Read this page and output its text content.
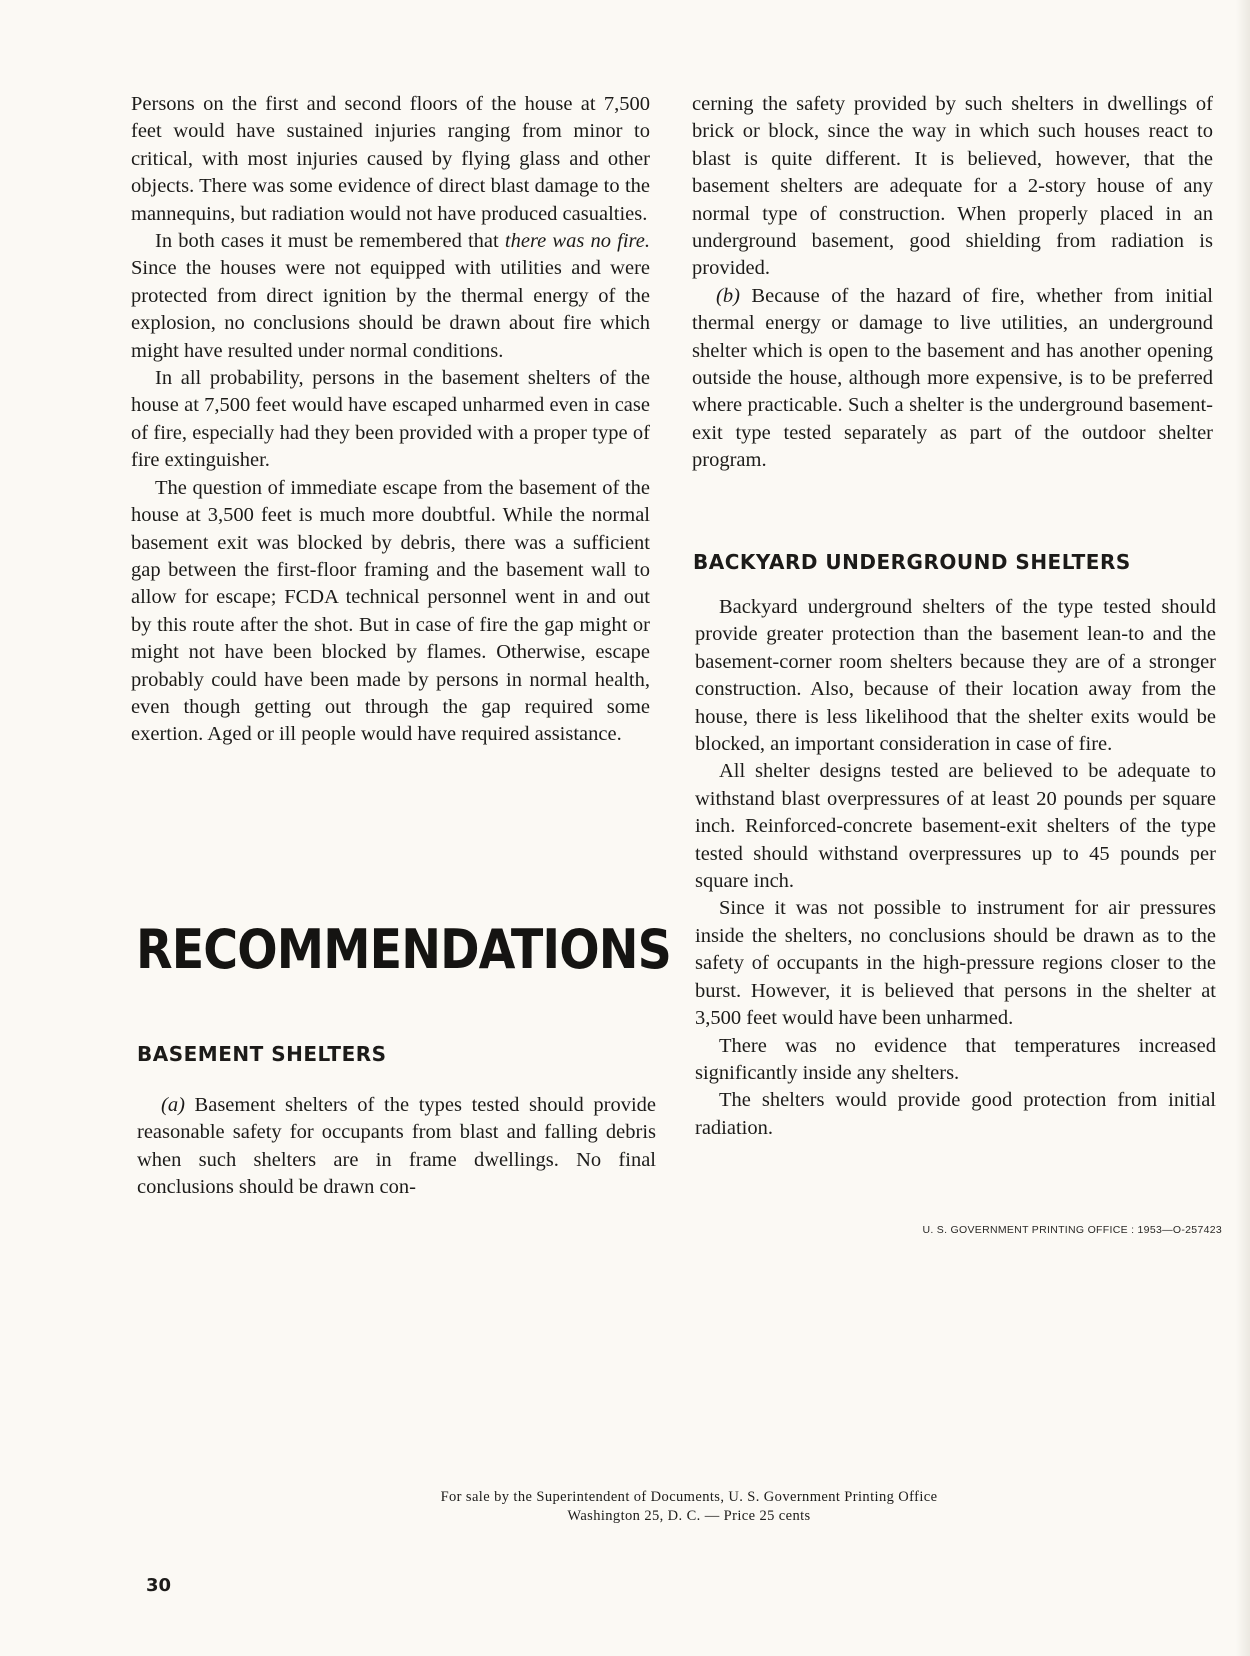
Persons on the first and second floors of the house at 7,500 feet would have sustained injuries ranging from minor to critical, with most injuries caused by flying glass and other objects. There was some evidence of direct blast damage to the mannequins, but radiation would not have produced casualties.

In both cases it must be remembered that there was no fire. Since the houses were not equipped with utilities and were protected from direct ignition by the thermal energy of the explosion, no conclusions should be drawn about fire which might have resulted under normal conditions.

In all probability, persons in the basement shelters of the house at 7,500 feet would have escaped unharmed even in case of fire, especially had they been provided with a proper type of fire extinguisher.

The question of immediate escape from the basement of the house at 3,500 feet is much more doubtful. While the normal basement exit was blocked by debris, there was a sufficient gap between the first-floor framing and the basement wall to allow for escape; FCDA technical personnel went in and out by this route after the shot. But in case of fire the gap might or might not have been blocked by flames. Otherwise, escape probably could have been made by persons in normal health, even though getting out through the gap required some exertion. Aged or ill people would have required assistance.

RECOMMENDATIONS
BASEMENT SHELTERS

(a) Basement shelters of the types tested should provide reasonable safety for occupants from blast and falling debris when such shelters are in frame dwellings. No final conclusions should be drawn con-

cerning the safety provided by such shelters in dwellings of brick or block, since the way in which such houses react to blast is quite different. It is believed, however, that the basement shelters are adequate for a 2-story house of any normal type of construction. When properly placed in an underground basement, good shielding from radiation is provided.

(b) Because of the hazard of fire, whether from initial thermal energy or damage to live utilities, an underground shelter which is open to the basement and has another opening outside the house, although more expensive, is to be preferred where practicable. Such a shelter is the underground basement-exit type tested separately as part of the outdoor shelter program.

BACKYARD UNDERGROUND SHELTERS

Backyard underground shelters of the type tested should provide greater protection than the basement lean-to and the basement-corner room shelters because they are of a stronger construction. Also, because of their location away from the house, there is less likelihood that the shelter exits would be blocked, an important consideration in case of fire.

All shelter designs tested are believed to be adequate to withstand blast overpressures of at least 20 pounds per square inch. Reinforced-concrete basement-exit shelters of the type tested should withstand overpressures up to 45 pounds per square inch.

Since it was not possible to instrument for air pressures inside the shelters, no conclusions should be drawn as to the safety of occupants in the high-pressure regions closer to the burst. However, it is believed that persons in the shelter at 3,500 feet would have been unharmed.

There was no evidence that temperatures increased significantly inside any shelters.

The shelters would provide good protection from initial radiation.

U. S. GOVERNMENT PRINTING OFFICE : 1953—O-257423
For sale by the Superintendent of Documents, U. S. Government Printing Office
Washington 25, D. C. — Price 25 cents
30
